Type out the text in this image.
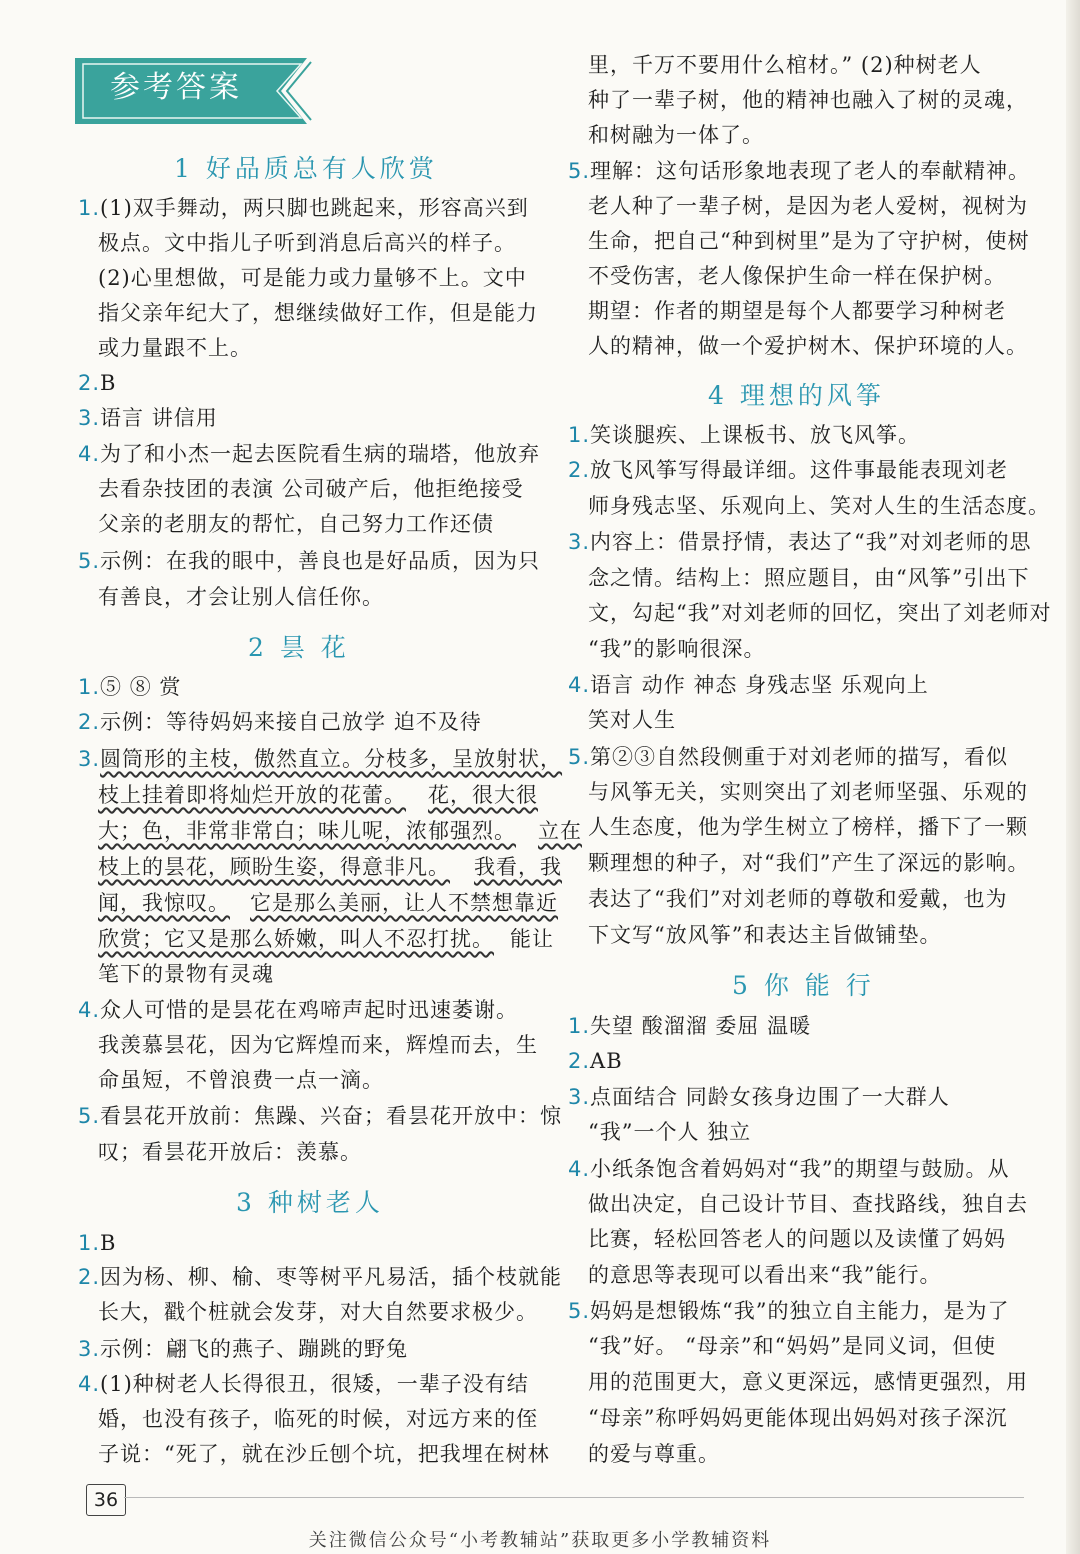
参考答案
1 好品质总有人欣赏
1.(1)双手舞动，两只脚也跳起来，形容高兴到
极点。文中指儿子听到消息后高兴的样子。
(2)心里想做，可是能力或力量够不上。文中
指父亲年纪大了，想继续做好工作，但是能力
或力量跟不上。
2.B
3.语言 讲信用
4.为了和小杰一起去医院看生病的瑞塔，他放弃
去看杂技团的表演 公司破产后，他拒绝接受
父亲的老朋友的帮忙，自己努力工作还债
5.示例：在我的眼中，善良也是好品质，因为只
有善良，才会让别人信任你。
2 昙 花
1.⑤ ⑧ 赏
2.示例：等待妈妈来接自己放学 迫不及待
3.圆筒形的主枝，傲然直立。分枝多，呈放射状，
枝上挂着即将灿烂开放的花蕾。 花，很大很
大；色，非常非常白；味儿呢，浓郁强烈。 立在
枝上的昙花，顾盼生姿，得意非凡。 我看，我
闻，我惊叹。 它是那么美丽，让人不禁想靠近
欣赏；它又是那么娇嫩，叫人不忍打扰。 能让
笔下的景物有灵魂
4.众人可惜的是昙花在鸡啼声起时迅速萎谢。
我羡慕昙花，因为它辉煌而来，辉煌而去，生
命虽短，不曾浪费一点一滴。
5.看昙花开放前：焦躁、兴奋；看昙花开放中：惊
叹；看昙花开放后：羡慕。
3 种树老人
1.B
2.因为杨、柳、榆、枣等树平凡易活，插个枝就能
长大，戳个桩就会发芽，对大自然要求极少。
3.示例：翩飞的燕子、蹦跳的野兔
4.(1)种树老人长得很丑，很矮，一辈子没有结
婚，也没有孩子，临死的时候，对远方来的侄
子说：“死了，就在沙丘刨个坑，把我埋在树林
里，千万不要用什么棺材。” (2)种树老人
种了一辈子树，他的精神也融入了树的灵魂，
和树融为一体了。
5.理解：这句话形象地表现了老人的奉献精神。
老人种了一辈子树，是因为老人爱树，视树为
生命，把自己“种到树里”是为了守护树，使树
不受伤害，老人像保护生命一样在保护树。
期望：作者的期望是每个人都要学习种树老
人的精神，做一个爱护树木、保护环境的人。
4 理想的风筝
1.笑谈腿疾、上课板书、放飞风筝。
2.放飞风筝写得最详细。这件事最能表现刘老
师身残志坚、乐观向上、笑对人生的生活态度。
3.内容上：借景抒情，表达了“我”对刘老师的思
念之情。结构上：照应题目，由“风筝”引出下
文，勾起“我”对刘老师的回忆，突出了刘老师对
“我”的影响很深。
4.语言 动作 神态 身残志坚 乐观向上
笑对人生
5.第②③自然段侧重于对刘老师的描写，看似
与风筝无关，实则突出了刘老师坚强、乐观的
人生态度，他为学生树立了榜样，播下了一颗
颗理想的种子，对“我们”产生了深远的影响。
表达了“我们”对刘老师的尊敬和爱戴，也为
下文写“放风筝”和表达主旨做铺垫。
5 你 能 行
1.失望 酸溜溜 委屈 温暖
2.AB
3.点面结合 同龄女孩身边围了一大群人
“我”一个人 独立
4.小纸条饱含着妈妈对“我”的期望与鼓励。从
做出决定，自己设计节目、查找路线，独自去
比赛，轻松回答老人的问题以及读懂了妈妈
的意思等表现可以看出来“我”能行。
5.妈妈是想锻炼“我”的独立自主能力，是为了
“我”好。 “母亲”和“妈妈”是同义词，但使
用的范围更大，意义更深远，感情更强烈，用
“母亲”称呼妈妈更能体现出妈妈对孩子深沉
的爱与尊重。
36
关注微信公众号“小考教辅站”获取更多小学教辅资料
